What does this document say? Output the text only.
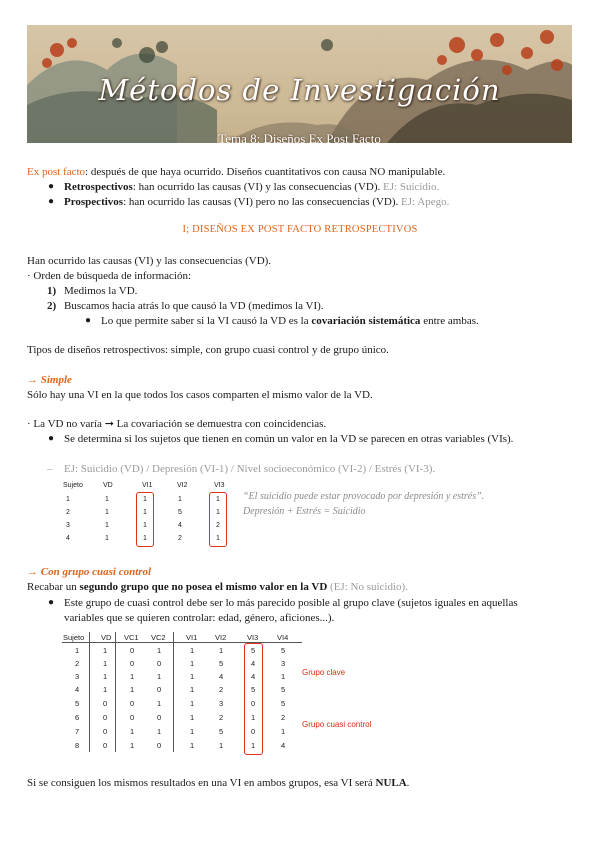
Métodos de Investigación
Tema 8: Diseños Ex Post Facto
Ex post facto: después de que haya ocurrido. Diseños cuantitativos con causa NO manipulable.
● Retrospectivos: han ocurrido las causas (VI) y las consecuencias (VD). EJ: Suicidio.
● Prospectivos: han ocurrido las causas (VI) pero no las consecuencias (VD). EJ: Apego.
I; DISEÑOS EX POST FACTO RETROSPECTIVOS
Han ocurrido las causas (VI) y las consecuencias (VD).
· Orden de búsqueda de información:
1) Medimos la VD.
2) Buscamos hacia atrás lo que causó la VD (medimos la VI).
● Lo que permite saber si la VI causó la VD es la covariación sistemática entre ambas.
Tipos de diseños retrospectivos: simple, con grupo cuasi control y de grupo único.
→ Simple
Sólo hay una VI en la que todos los casos comparten el mismo valor de la VD.
· La VD no varía ➞ La covariación se demuestra con coincidencias.
● Se determina si los sujetos que tienen en común un valor en la VD se parecen en otras variables (VIs).
– EJ: Suicidio (VD) / Depresión (VI-1) / Nivel socioeconómico (VI-2) / Estrés (VI-3).
Sujeto	VD	VI1	VI2	VI3
1	1	1	1	1
2	1	1	5	1
3	1	1	4	2
4	1	1	2	1
“El suicidio puede estar provocado por depresión y estrés”.
Depresión + Estrés = Suicidio
→ Con grupo cuasi control
Recabar un segundo grupo que no posea el mismo valor en la VD (EJ: No suicidio).
● Este grupo de cuasi control debe ser lo más parecido posible al grupo clave (sujetos iguales en aquellas
variables que se quieren controlar: edad, género, aficiones...).
Sujeto VD VC1 VC2	VI1 VI2	VI3 VI4
1	1	0	1	1	1	5	5
2	1	0	0	1	5	4	3
3	1	1	1	1	4	4	1
4	1	1	0	1	2	5	5
5	0	0	1	1	3	0	5
6	0	0	0	1	2	1	2
7	0	1	1	1	5	0	1
8	0	1	0	1	1	1	4
Grupo clave
Grupo cuasi control
Si se consiguen los mismos resultados en una VI en ambos grupos, esa VI será NULA.
